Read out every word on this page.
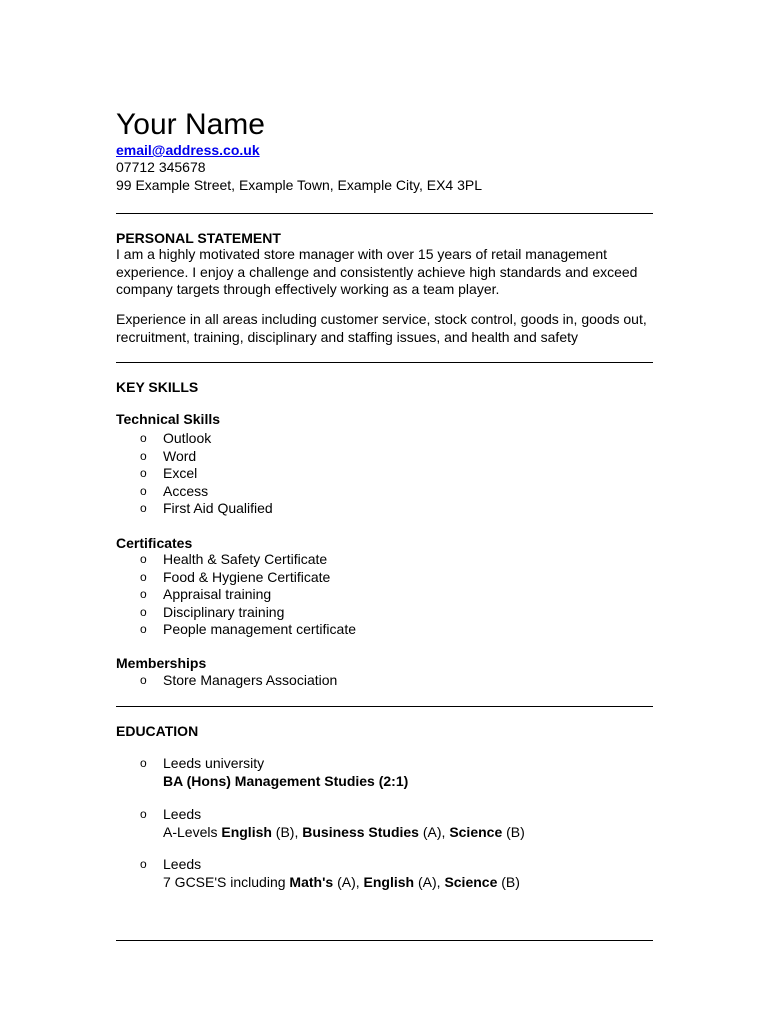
Your Name
email@address.co.uk
07712 345678
99 Example Street, Example Town, Example City, EX4 3PL
PERSONAL STATEMENT
I am a highly motivated store manager with over 15 years of retail management experience. I enjoy a challenge and consistently achieve high standards and exceed company targets through effectively working as a team player.
Experience in all areas including customer service, stock control, goods in, goods out, recruitment, training, disciplinary and staffing issues, and health and safety
KEY SKILLS
Technical Skills
o Outlook
o Word
o Excel
o Access
o First Aid Qualified
Certificates
o Health & Safety Certificate
o Food & Hygiene Certificate
o Appraisal training
o Disciplinary training
o People management certificate
Memberships
o Store Managers Association
EDUCATION
o	Leeds university
BA (Hons) Management Studies (2:1)
o	Leeds
A-Levels English (B), Business Studies (A), Science (B)
o	Leeds
7 GCSE'S including Math's (A), English (A), Science (B)
